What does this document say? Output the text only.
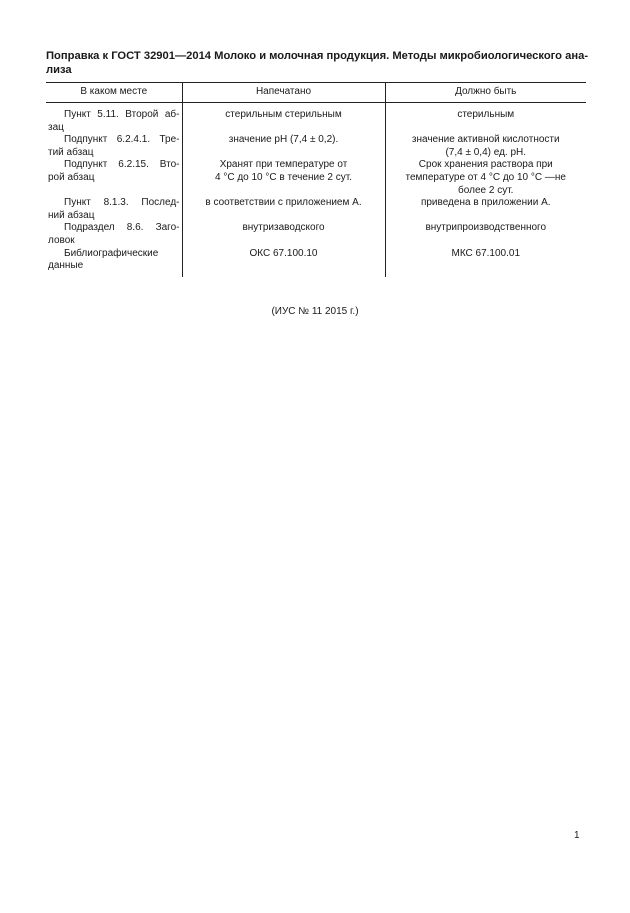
Поправка к ГОСТ 32901—2014 Молоко и молочная продукция. Методы микробиологического ана-
лиза
В каком месте	Напечатано	Должно быть

Пункт 5.11. Второй аб-
зац	стерильным стерильным	стерильным

Подпункт 6.2.4.1. Тре-
тий абзац	значение pH (7,4 ± 0,2).	значение активной кислотности
(7,4 ± 0,4) ед. pH.

Подпункт 6.2.15. Вто-
рой абзац	Хранят при температуре от
4 °С до 10 °С в течение 2 сут.	Срок хранения раствора при
температуре от 4 °С до 10 °С —не
более 2 сут.

Пункт 8.1.3. Послед-
ний абзац	в соответствии с приложением А.	приведена в приложении А.

Подраздел 8.6. Заго-
ловок	внутризаводского	внутрипроизводственного

Библиографические
данные	ОКС 67.100.10	МКС 67.100.01
(ИУС № 11 2015 г.)
1
